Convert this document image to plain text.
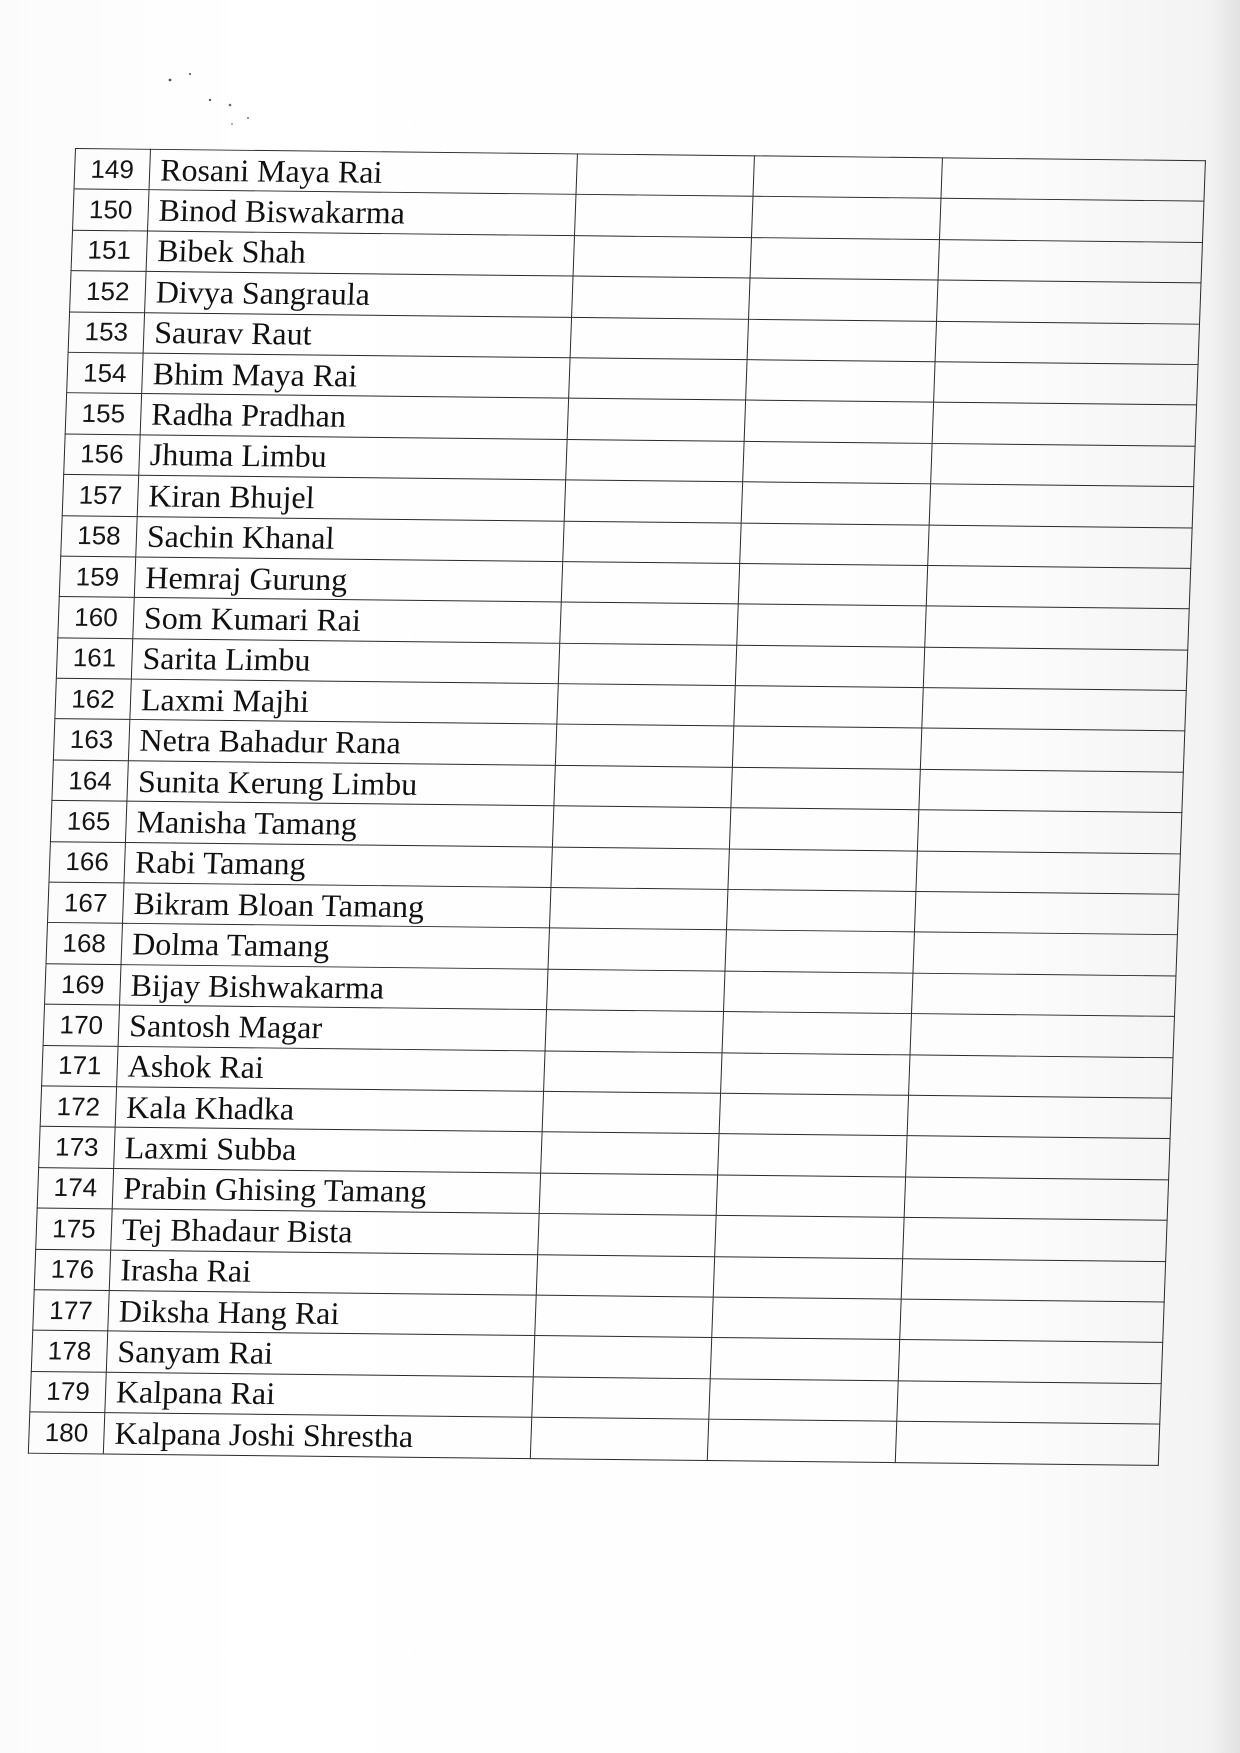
149	Rosani Maya Rai			
150	Binod Biswakarma			
151	Bibek Shah			
152	Divya Sangraula			
153	Saurav Raut			
154	Bhim Maya Rai			
155	Radha Pradhan			
156	Jhuma Limbu			
157	Kiran Bhujel			
158	Sachin Khanal			
159	Hemraj Gurung			
160	Som Kumari Rai			
161	Sarita Limbu			
162	Laxmi Majhi			
163	Netra Bahadur Rana			
164	Sunita Kerung Limbu			
165	Manisha Tamang			
166	Rabi Tamang			
167	Bikram Bloan Tamang			
168	Dolma Tamang			
169	Bijay Bishwakarma			
170	Santosh Magar			
171	Ashok Rai			
172	Kala Khadka			
173	Laxmi Subba			
174	Prabin Ghising Tamang			
175	Tej Bhadaur Bista			
176	Irasha Rai			
177	Diksha Hang Rai			
178	Sanyam Rai			
179	Kalpana Rai			
180	Kalpana Joshi Shrestha			
